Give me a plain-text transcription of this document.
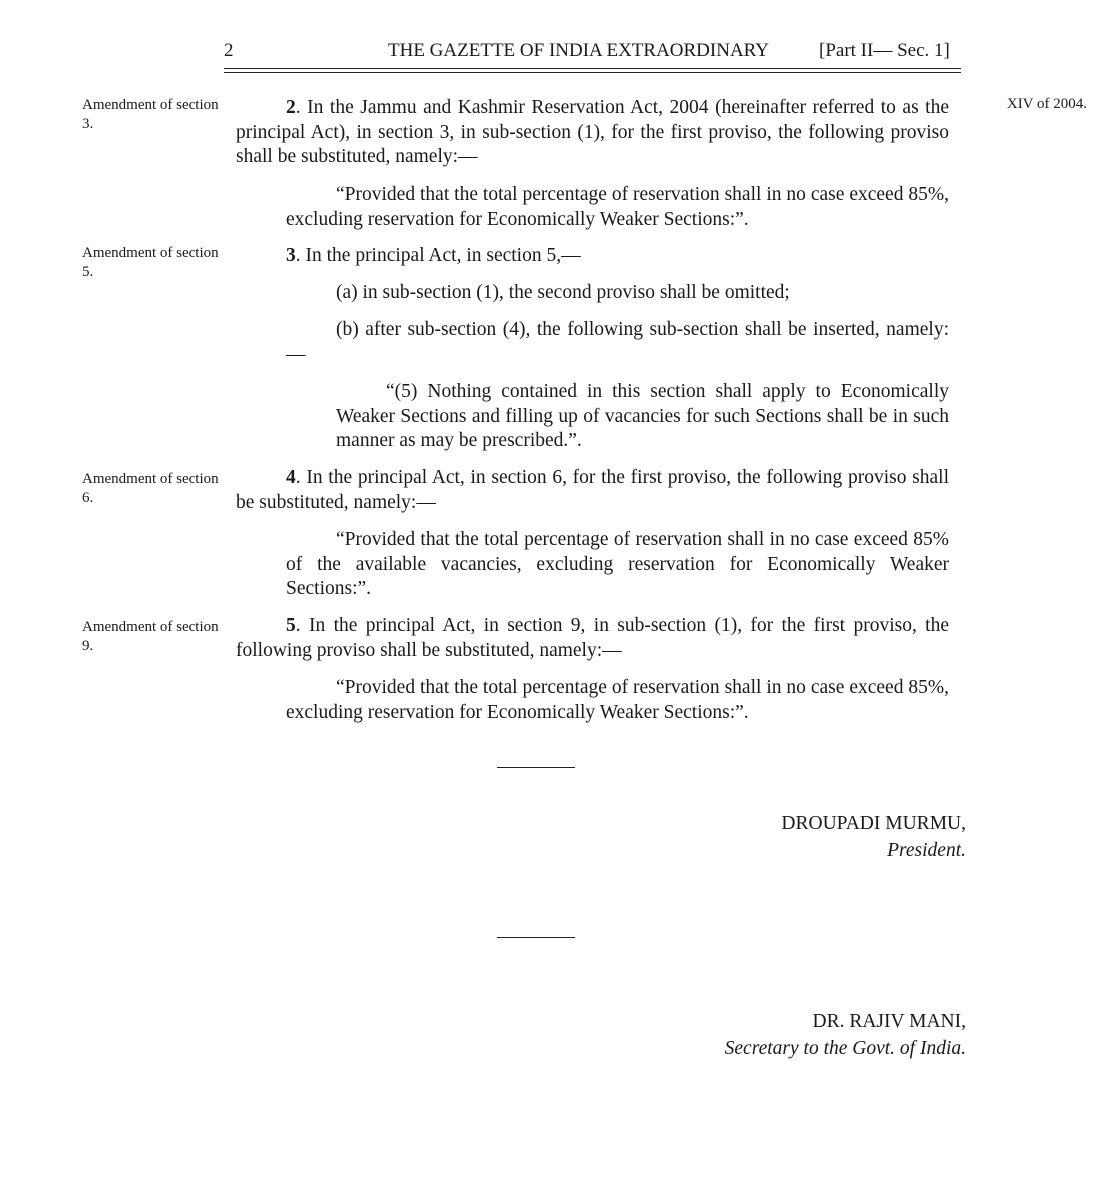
2	THE GAZETTE OF INDIA EXTRAORDINARY	[Part II— Sec. 1]
Amendment of section 3.
XIV of 2004.
Amendment of section 5.
Amendment of section 6.
Amendment of section 9.

2. In the Jammu and Kashmir Reservation Act, 2004 (hereinafter referred to as the principal Act), in section 3, in sub-section (1), for the first proviso, the following proviso shall be substituted, namely:—

“Provided that the total percentage of reservation shall in no case exceed 85%, excluding reservation for Economically Weaker Sections:”.

3. In the principal Act, in section 5,—

(a) in sub-section (1), the second proviso shall be omitted;

(b) after sub-section (4), the following sub-section shall be inserted, namely:—

“(5) Nothing contained in this section shall apply to Economically Weaker Sections and filling up of vacancies for such Sections shall be in such manner as may be prescribed.”.

4. In the principal Act, in section 6, for the first proviso, the following proviso shall be substituted, namely:—

“Provided that the total percentage of reservation shall in no case exceed 85% of the available vacancies, excluding reservation for Economically Weaker Sections:”.

5. In the principal Act, in section 9, in sub-section (1), for the first proviso, the following proviso shall be substituted, namely:—

“Provided that the total percentage of reservation shall in no case exceed 85%, excluding reservation for Economically Weaker Sections:”.

DROUPADI MURMU,
President.
DR. RAJIV MANI,
Secretary to the Govt. of India.
